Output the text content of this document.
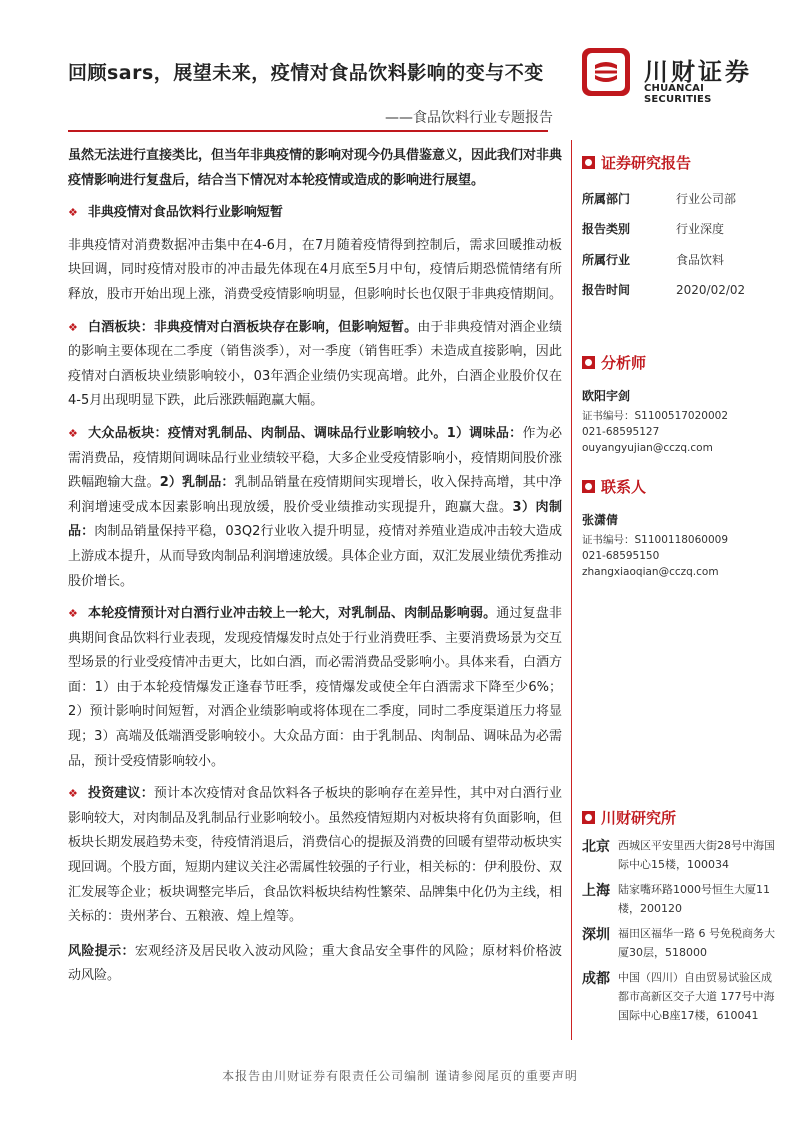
回顾sars，展望未来，疫情对食品饮料影响的变与不变	川财证券
CHUANCAI SECURITIES
——食品饮料行业专题报告

虽然无法进行直接类比，但当年非典疫情的影响对现今仍具借鉴意义，因此我们对非典疫情影响进行复盘后，结合当下情况对本轮疫情或造成的影响进行展望。

❖ 非典疫情对食品饮料行业影响短暂

非典疫情对消费数据冲击集中在4-6月，在7月随着疫情得到控制后，需求回暖推动板块回调，同时疫情对股市的冲击最先体现在4月底至5月中旬，疫情后期恐慌情绪有所释放，股市开始出现上涨，消费受疫情影响明显，但影响时长也仅限于非典疫情期间。

❖ 白酒板块：非典疫情对白酒板块存在影响，但影响短暂。由于非典疫情对酒企业绩的影响主要体现在二季度（销售淡季），对一季度（销售旺季）未造成直接影响，因此疫情对白酒板块业绩影响较小，03年酒企业绩仍实现高增。此外，白酒企业股价仅在4-5月出现明显下跌，此后涨跌幅跑赢大幅。

❖ 大众品板块：疫情对乳制品、肉制品、调味品行业影响较小。1）调味品：作为必需消费品，疫情期间调味品行业业绩较平稳，大多企业受疫情影响小，疫情期间股价涨跌幅跑输大盘。2）乳制品：乳制品销量在疫情期间实现增长，收入保持高增，其中净利润增速受成本因素影响出现放缓，股价受业绩推动实现提升，跑赢大盘。3）肉制品：肉制品销量保持平稳，03Q2行业收入提升明显，疫情对养殖业造成冲击较大造成上游成本提升，从而导致肉制品利润增速放缓。具体企业方面，双汇发展业绩优秀推动股价增长。

❖ 本轮疫情预计对白酒行业冲击较上一轮大，对乳制品、肉制品影响弱。通过复盘非典期间食品饮料行业表现，发现疫情爆发时点处于行业消费旺季、主要消费场景为交互型场景的行业受疫情冲击更大，比如白酒，而必需消费品受影响小。具体来看，白酒方面：1）由于本轮疫情爆发正逢春节旺季，疫情爆发或使全年白酒需求下降至少6%；2）预计影响时间短暂，对酒企业绩影响或将体现在二季度，同时二季度渠道压力将显现；3）高端及低端酒受影响较小。大众品方面：由于乳制品、肉制品、调味品为必需品，预计受疫情影响较小。

❖ 投资建议：预计本次疫情对食品饮料各子板块的影响存在差异性，其中对白酒行业影响较大，对肉制品及乳制品行业影响较小。虽然疫情短期内对板块将有负面影响，但板块长期发展趋势未变，待疫情消退后，消费信心的提振及消费的回暖有望带动板块实现回调。个股方面，短期内建议关注必需属性较强的子行业，相关标的：伊利股份、双汇发展等企业；板块调整完毕后，食品饮料板块结构性繁荣、品牌集中化仍为主线，相关标的：贵州茅台、五粮液、煌上煌等。

风险提示：宏观经济及居民收入波动风险；重大食品安全事件的风险；原材料价格波动风险。

证券研究报告
所属部门	行业公司部
报告类别	行业深度
所属行业	食品饮料
报告时间	2020/02/02
分析师
欧阳宇剑
证书编号：S1100517020002
021-68595127
ouyangyujian@cczq.com
联系人
张潇倩
证书编号：S1100118060009
021-68595150
zhangxiaoqian@cczq.com
川财研究所
北京 西城区平安里西大街28号中海国际中心15楼，100034
上海 陆家嘴环路1000号恒生大厦11楼，200120
深圳 福田区福华一路 6 号免税商务大厦30层，518000
成都 中国（四川）自由贸易试验区成都市高新区交子大道 177号中海国际中心B座17楼，610041
本报告由川财证券有限责任公司编制 谨请参阅尾页的重要声明
